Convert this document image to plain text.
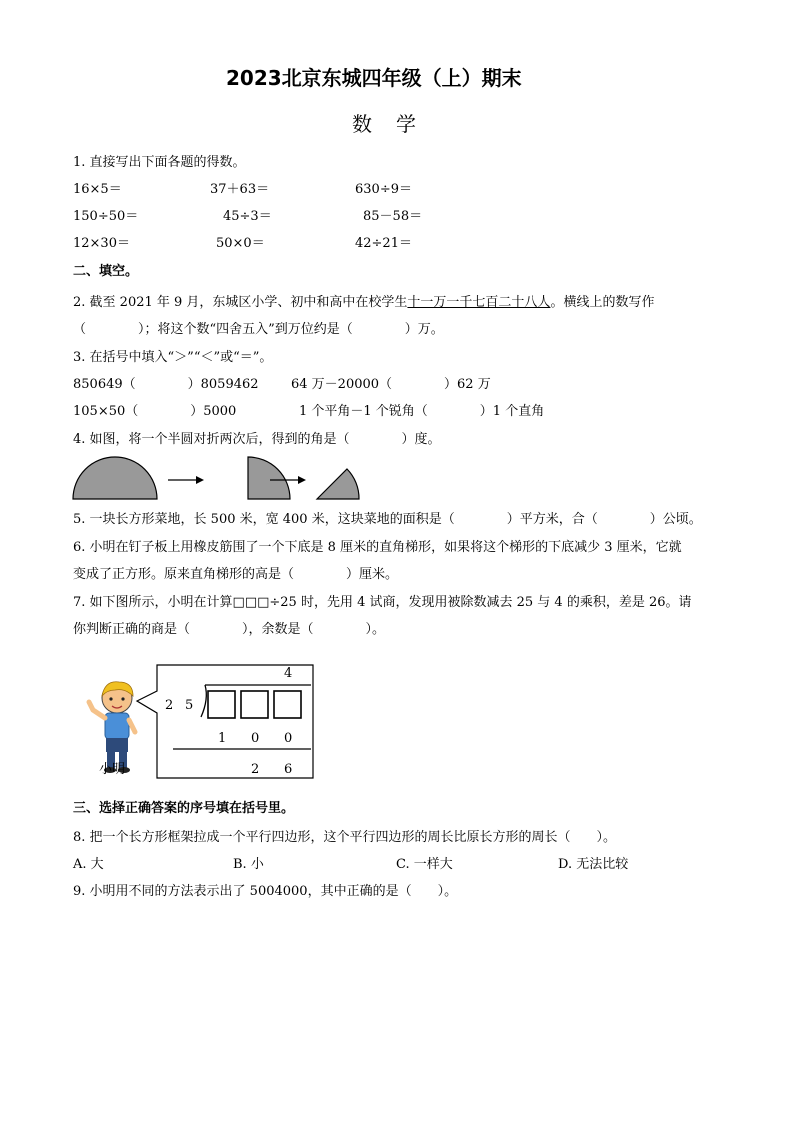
2023北京东城四年级（上）期末
数　学
1. 直接写出下面各题的得数。
16×5＝	37＋63＝	630÷9＝
150÷50＝	45÷3＝	85－58＝
12×30＝	50×0＝	42÷21＝
二、填空。
2. 截至 2021 年 9 月，东城区小学、初中和高中在校学生十一万一千七百二十八人。横线上的数写作
（　　　　）；将这个数“四舍五入”到万位约是（　　　　）万。
3. 在括号中填入“＞”“＜”或“＝”。
850649（　　　　）8059462 64 万－20000（　　　　）62 万
105×50（　　　　）5000	1 个平角－1 个锐角（　　　　）1 个直角
4. 如图，将一个半圆对折两次后，得到的角是（　　　　）度。
5. 一块长方形菜地，长 500 米，宽 400 米，这块菜地的面积是（　　　　）平方米，合（　　　　）公顷。
6. 小明在钉子板上用橡皮筋围了一个下底是 8 厘米的直角梯形，如果将这个梯形的下底减少 3 厘米，它就
变成了正方形。原来直角梯形的高是（　　　　）厘米。
7. 如下图所示，小明在计算□□□÷25 时，先用 4 试商，发现用被除数减去 25 与 4 的乘积，差是 26。请
你判断正确的商是（　　　　），余数是（　　　　）。
小明
4
2 5
1 0 0
2 6
三、选择正确答案的序号填在括号里。
8. 把一个长方形框架拉成一个平行四边形，这个平行四边形的周长比原长方形的周长（　　）。
A. 大	B. 小	C. 一样大	D. 无法比较
9. 小明用不同的方法表示出了 5004000，其中正确的是（　　）。
